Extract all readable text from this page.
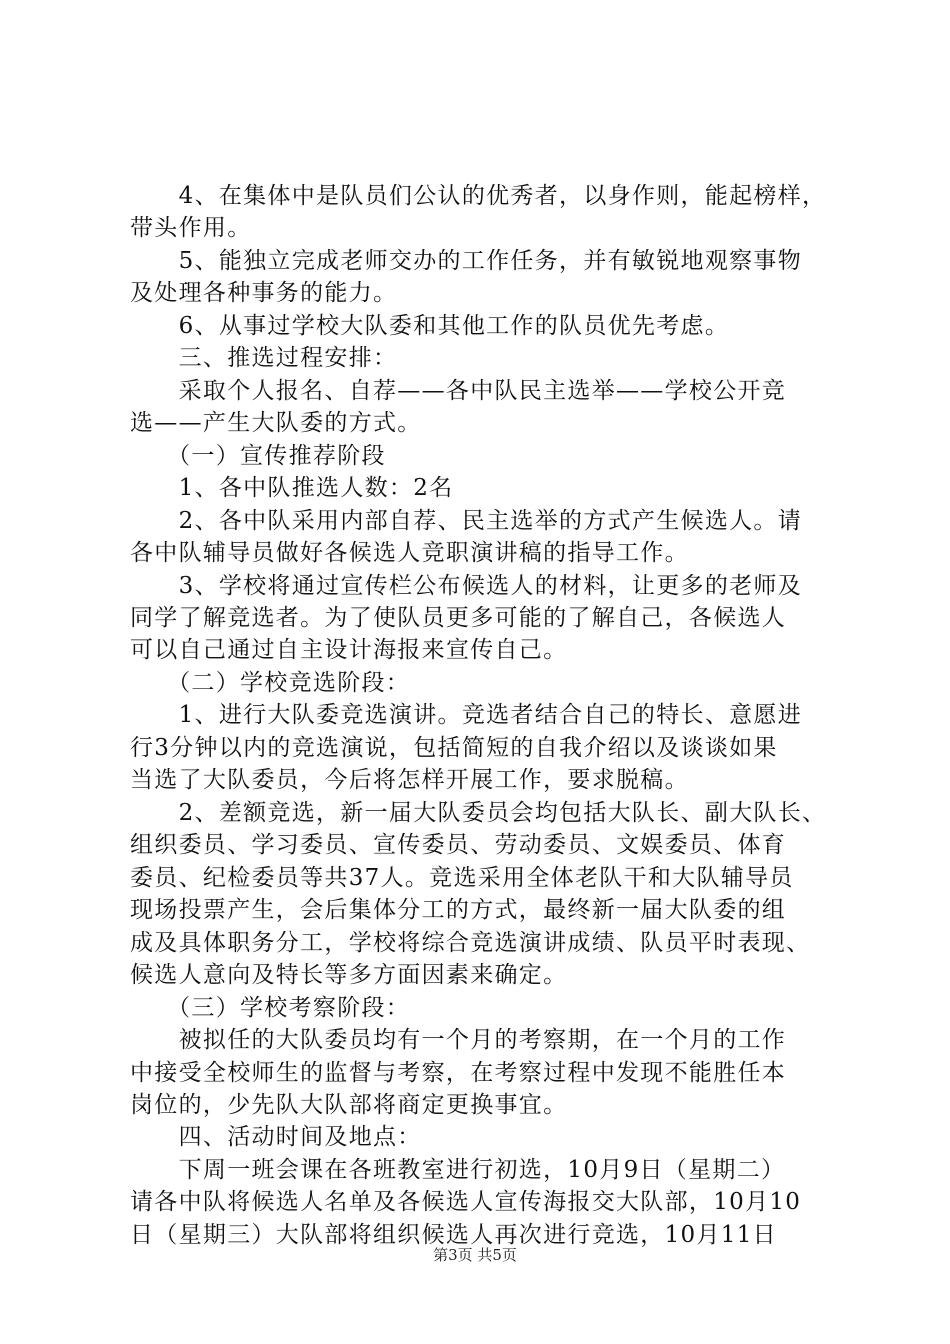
　　4、在集体中是队员们公认的优秀者，以身作则，能起榜样，
带头作用。
　　5、能独立完成老师交办的工作任务，并有敏锐地观察事物
及处理各种事务的能力。
　　6、从事过学校大队委和其他工作的队员优先考虑。
　　三、推选过程安排：
　　采取个人报名、自荐——各中队民主选举——学校公开竞
选——产生大队委的方式。
　　（一）宣传推荐阶段
　　1、各中队推选人数：2名
　　2、各中队采用内部自荐、民主选举的方式产生候选人。请
各中队辅导员做好各候选人竞职演讲稿的指导工作。
　　3、学校将通过宣传栏公布候选人的材料，让更多的老师及
同学了解竞选者。为了使队员更多可能的了解自己，各候选人
可以自己通过自主设计海报来宣传自己。
　　（二）学校竞选阶段：
　　1、进行大队委竞选演讲。竞选者结合自己的特长、意愿进
行3分钟以内的竞选演说，包括简短的自我介绍以及谈谈如果
当选了大队委员，今后将怎样开展工作，要求脱稿。
　　2、差额竞选，新一届大队委员会均包括大队长、副大队长、
组织委员、学习委员、宣传委员、劳动委员、文娱委员、体育
委员、纪检委员等共37人。竞选采用全体老队干和大队辅导员
现场投票产生，会后集体分工的方式，最终新一届大队委的组
成及具体职务分工，学校将综合竞选演讲成绩、队员平时表现、
候选人意向及特长等多方面因素来确定。
　　（三）学校考察阶段：
　　被拟任的大队委员均有一个月的考察期，在一个月的工作
中接受全校师生的监督与考察，在考察过程中发现不能胜任本
岗位的，少先队大队部将商定更换事宜。
　　四、活动时间及地点：
　　下周一班会课在各班教室进行初选，10月9日（星期二）
请各中队将候选人名单及各候选人宣传海报交大队部，10月10
日（星期三）大队部将组织候选人再次进行竞选，10月11日
第3页 共5页
